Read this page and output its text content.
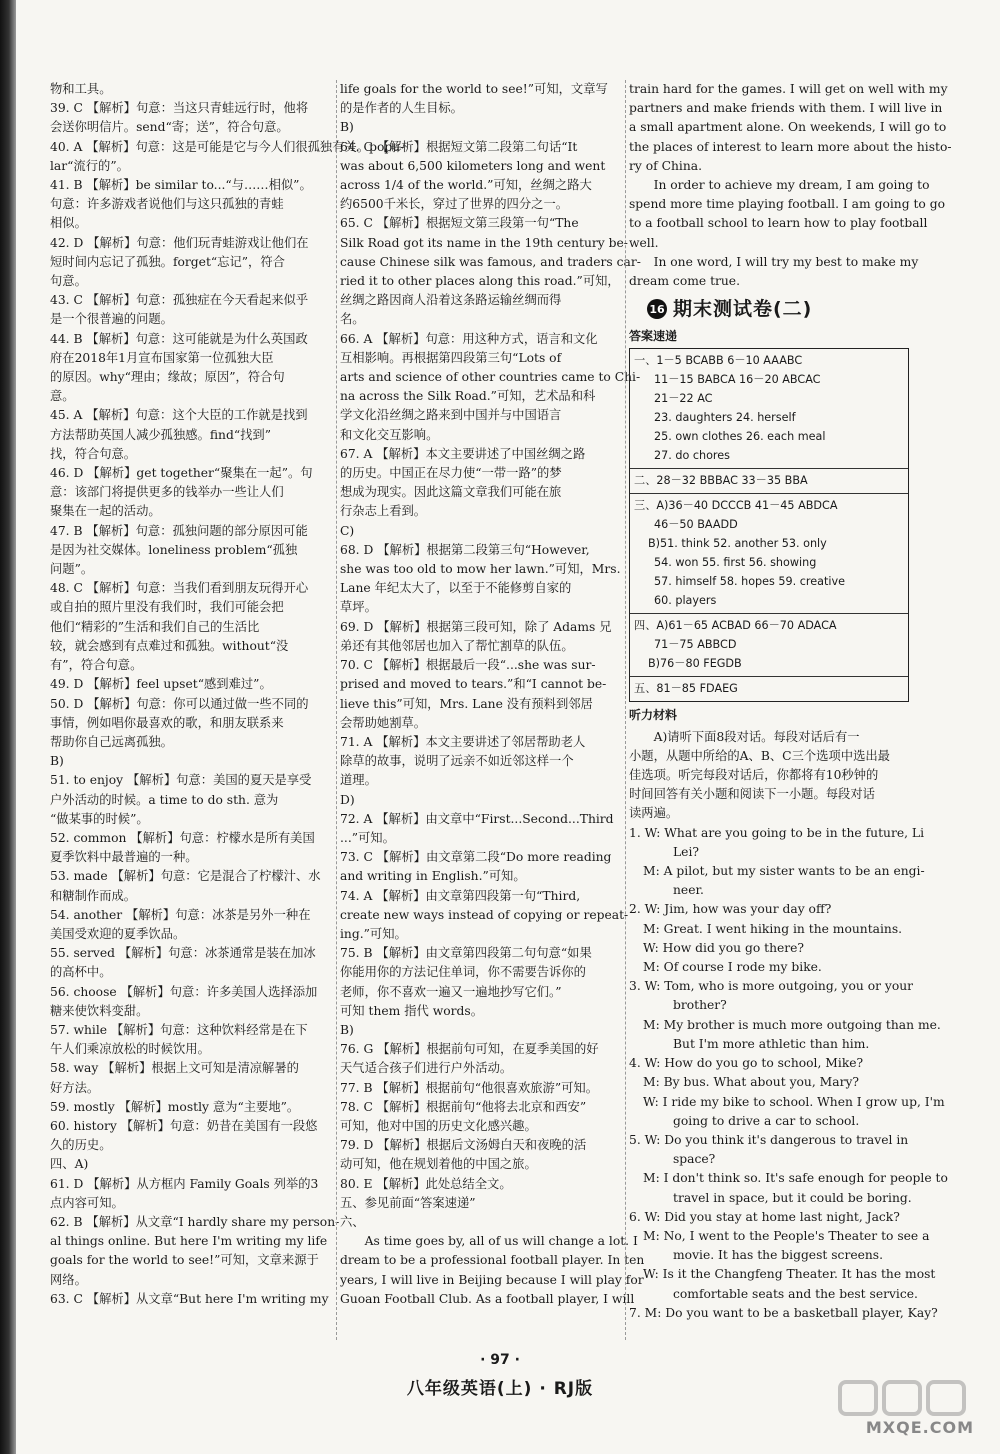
物和工具。
39. C 【解析】句意：当这只青蛙远行时，他将
会送你明信片。send“寄；送”，符合句意。
40. A 【解析】句意：这是可能是它与今人们很孤独有关。popu-
lar“流行的”。
41. B 【解析】be similar to...“与……相似”。
句意：许多游戏者说他们与这只孤独的青蛙
相似。
42. D 【解析】句意：他们玩青蛙游戏让他们在
短时间内忘记了孤独。forget“忘记”，符合
句意。
43. C 【解析】句意：孤独症在今天看起来似乎
是一个很普遍的问题。
44. B 【解析】句意：这可能就是为什么英国政
府在2018年1月宣布国家第一位孤独大臣
的原因。why“理由；缘故；原因”，符合句
意。
45. A 【解析】句意：这个大臣的工作就是找到
方法帮助英国人减少孤独感。find“找到”
找，符合句意。
46. D 【解析】get together“聚集在一起”。句
意：该部门将提供更多的钱举办一些让人们
聚集在一起的活动。
47. B 【解析】句意：孤独问题的部分原因可能
是因为社交媒体。loneliness problem“孤独
问题”。
48. C 【解析】句意：当我们看到朋友玩得开心
或自拍的照片里没有我们时，我们可能会把
他们“精彩的”生活和我们自己的生活比
较，就会感到有点难过和孤独。without“没
有”，符合句意。
49. D 【解析】feel upset“感到难过”。
50. D 【解析】句意：你可以通过做一些不同的
事情，例如唱你最喜欢的歌，和朋友联系来
帮助你自己远离孤独。
B)
51. to enjoy 【解析】句意：美国的夏天是享受
户外活动的时候。a time to do sth. 意为
“做某事的时候”。
52. common 【解析】句意：柠檬水是所有美国
夏季饮料中最普遍的一种。
53. made 【解析】句意：它是混合了柠檬汁、水
和糖制作而成。
54. another 【解析】句意：冰茶是另外一种在
美国受欢迎的夏季饮品。
55. served 【解析】句意：冰茶通常是装在加冰
的高杯中。
56. choose 【解析】句意：许多美国人选择添加
糖来使饮料变甜。
57. while 【解析】句意：这种饮料经常是在下
午人们乘凉放松的时候饮用。
58. way 【解析】根据上文可知是清凉解暑的
好方法。
59. mostly 【解析】mostly 意为“主要地”。
60. history 【解析】句意：奶昔在美国有一段悠
久的历史。
四、A)
61. D 【解析】从方框内 Family Goals 列举的3
点内容可知。
62. B 【解析】从文章“I hardly share my person-
al things online. But here I'm writing my life
goals for the world to see!”可知，文章来源于
网络。
63. C 【解析】从文章“But here I'm writing my
life goals for the world to see!”可知，文章写
的是作者的人生目标。
B)
64. C 【解析】根据短文第二段第二句话“It
was about 6,500 kilometers long and went
across 1/4 of the world.”可知，丝绸之路大
约6500千米长，穿过了世界的四分之一。
65. C 【解析】根据短文第三段第一句“The
Silk Road got its name in the 19th century be-
cause Chinese silk was famous, and traders car-
ried it to other places along this road.”可知，
丝绸之路因商人沿着这条路运输丝绸而得
名。
66. A 【解析】句意：用这种方式，语言和文化
互相影响。再根据第四段第三句“Lots of
arts and science of other countries came to Chi-
na across the Silk Road.”可知，艺术品和科
学文化沿丝绸之路来到中国并与中国语言
和文化交互影响。
67. A 【解析】本文主要讲述了中国丝绸之路
的历史。中国正在尽力使“一带一路”的梦
想成为现实。因此这篇文章我们可能在旅
行杂志上看到。
C)
68. D 【解析】根据第二段第三句“However,
she was too old to mow her lawn.”可知，Mrs.
Lane 年纪太大了，以至于不能修剪自家的
草坪。
69. D 【解析】根据第三段可知，除了 Adams 兄
弟还有其他邻居也加入了帮忙割草的队伍。
70. C 【解析】根据最后一段“...she was sur-
prised and moved to tears.”和“I cannot be-
lieve this”可知，Mrs. Lane 没有预料到邻居
会帮助她割草。
71. A 【解析】本文主要讲述了邻居帮助老人
除草的故事，说明了远亲不如近邻这样一个
道理。
D)
72. A 【解析】由文章中“First...Second...Third
...”可知。
73. C 【解析】由文章第二段“Do more reading
and writing in English.”可知。
74. A 【解析】由文章第四段第一句“Third,
create new ways instead of copying or repeat-
ing.”可知。
75. B 【解析】由文章第四段第二句句意“如果
你能用你的方法记住单词，你不需要告诉你的
老师，你不喜欢一遍又一遍地抄写它们。”
可知 them 指代 words。
B)
76. G 【解析】根据前句可知，在夏季美国的好
天气适合孩子们进行户外活动。
77. B 【解析】根据前句“他很喜欢旅游”可知。
78. C 【解析】根据前句“他将去北京和西安”
可知，他对中国的历史文化感兴趣。
79. D 【解析】根据后文汤姆白天和夜晚的活
动可知，他在规划着他的中国之旅。
80. E 【解析】此处总结全文。
五、参见前面“答案速递”
六、
As time goes by, all of us will change a lot. I
dream to be a professional football player. In ten
years, I will live in Beijing because I will play for
Guoan Football Club. As a football player, I will
train hard for the games. I will get on well with my
partners and make friends with them. I will live in
a small apartment alone. On weekends, I will go to
the places of interest to learn more about the histo-
ry of China.
In order to achieve my dream, I am going to
spend more time playing football. I am going to go
to a football school to learn how to play football
well.
In one word, I will try my best to make my
dream come true.
16 期末测试卷(二)
答案速递
一、1－5 BCABB 6－10 AAABC
11－15 BABCA 16－20 ABCAC
21－22 AC
23. daughters 24. herself
25. own clothes 26. each meal
27. do chores
二、28－32 BBBAC 33－35 BBA
三、A)36－40 DCCCB 41－45 ABDCA
46－50 BAADD
B)51. think 52. another 53. only
54. won 55. first 56. showing
57. himself 58. hopes 59. creative
60. players
四、A)61－65 ACBAD 66－70 ADACA
71－75 ABBCD
B)76－80 FEGDB
五、81－85 FDAEG
听力材料
A)请听下面8段对话。每段对话后有一
小题，从题中所给的A、B、C三个选项中选出最
佳选项。听完每段对话后，你都将有10秒钟的
时间回答有关小题和阅读下一小题。每段对话
读两遍。
1. W: What are you going to be in the future, Li
Lei?
M: A pilot, but my sister wants to be an engi-
neer.
2. W: Jim, how was your day off?
M: Great. I went hiking in the mountains.
W: How did you go there?
M: Of course I rode my bike.
3. W: Tom, who is more outgoing, you or your
brother?
M: My brother is much more outgoing than me.
But I'm more athletic than him.
4. W: How do you go to school, Mike?
M: By bus. What about you, Mary?
W: I ride my bike to school. When I grow up, I'm
going to drive a car to school.
5. W: Do you think it's dangerous to travel in
space?
M: I don't think so. It's safe enough for people to
travel in space, but it could be boring.
6. W: Did you stay at home last night, Jack?
M: No, I went to the People's Theater to see a
movie. It has the biggest screens.
W: Is it the Changfeng Theater. It has the most
comfortable seats and the best service.
7. M: Do you want to be a basketball player, Kay?
· 97 ·
八年级英语(上) · RJ版
MXQE.COM
